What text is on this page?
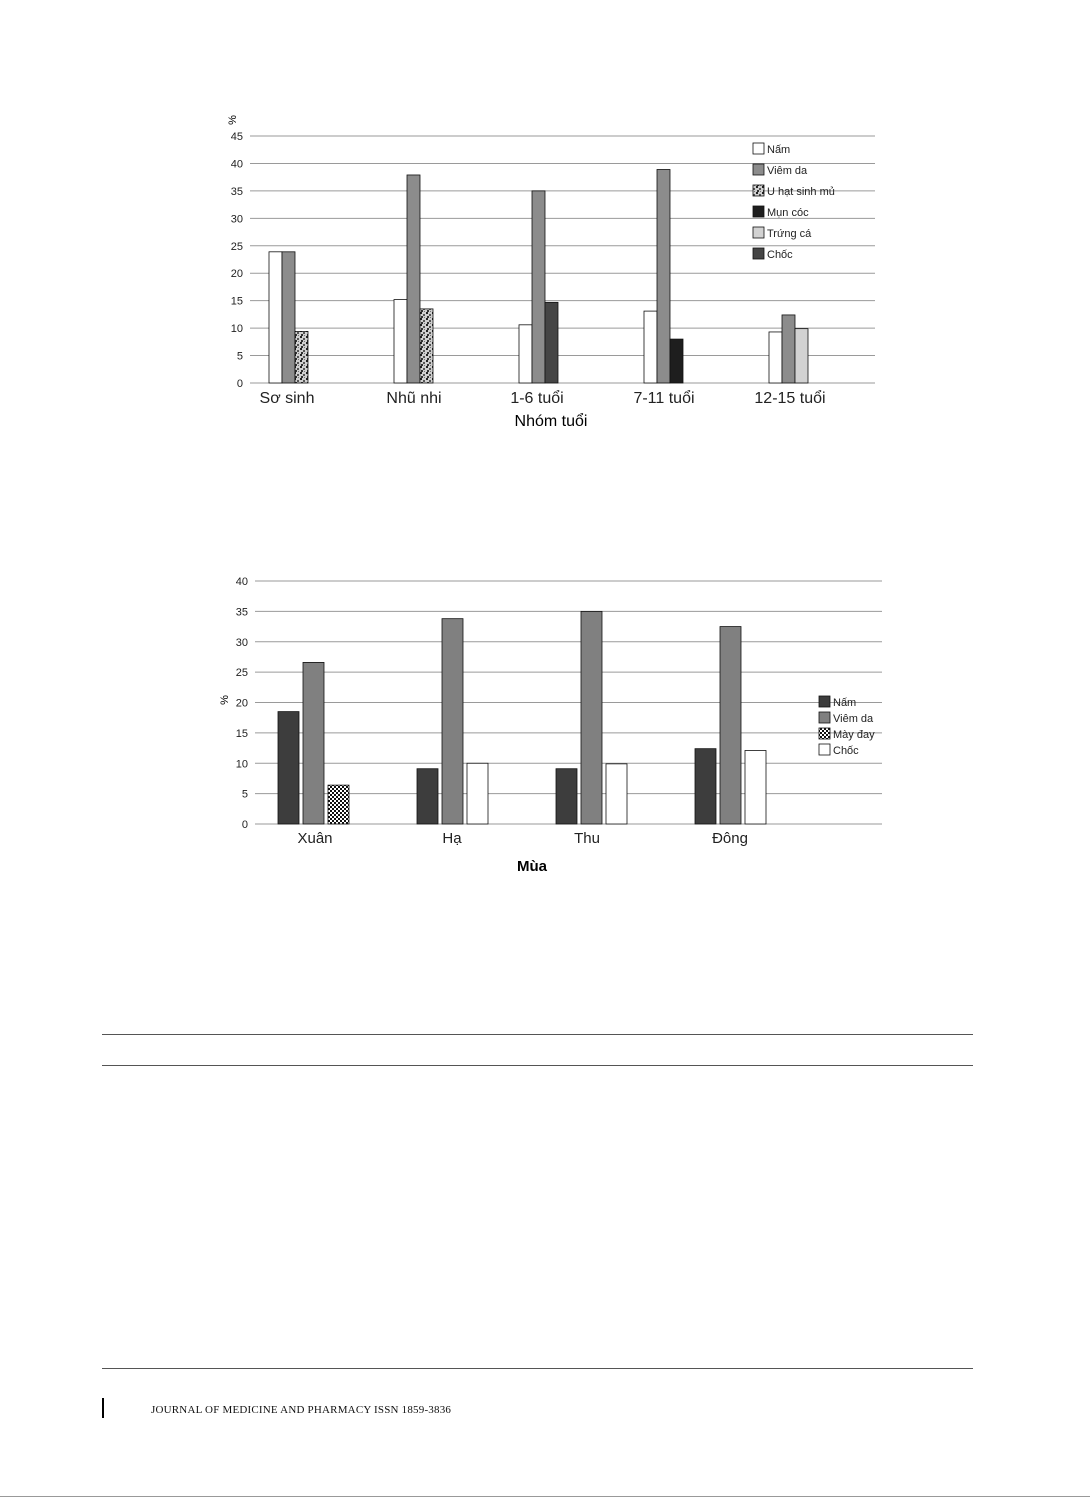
0
5
10
15
20
25
30
35
40
45
%
Sơ sinh	Nhũ nhi	1-6 tuổi	7-11 tuổi	12-15 tuổi
Nhóm tuổi
Nấm
Viêm da
U hạt sinh mủ
Mụn cóc
Trứng cá
Chốc
0
5
10
15
20
25
30
35
40
%
Xuân	Hạ	Thu	Đông
Mùa
Nấm
Viêm da
Mày đay
Chốc
JOURNAL OF MEDICINE AND PHARMACY ISSN 1859-3836
